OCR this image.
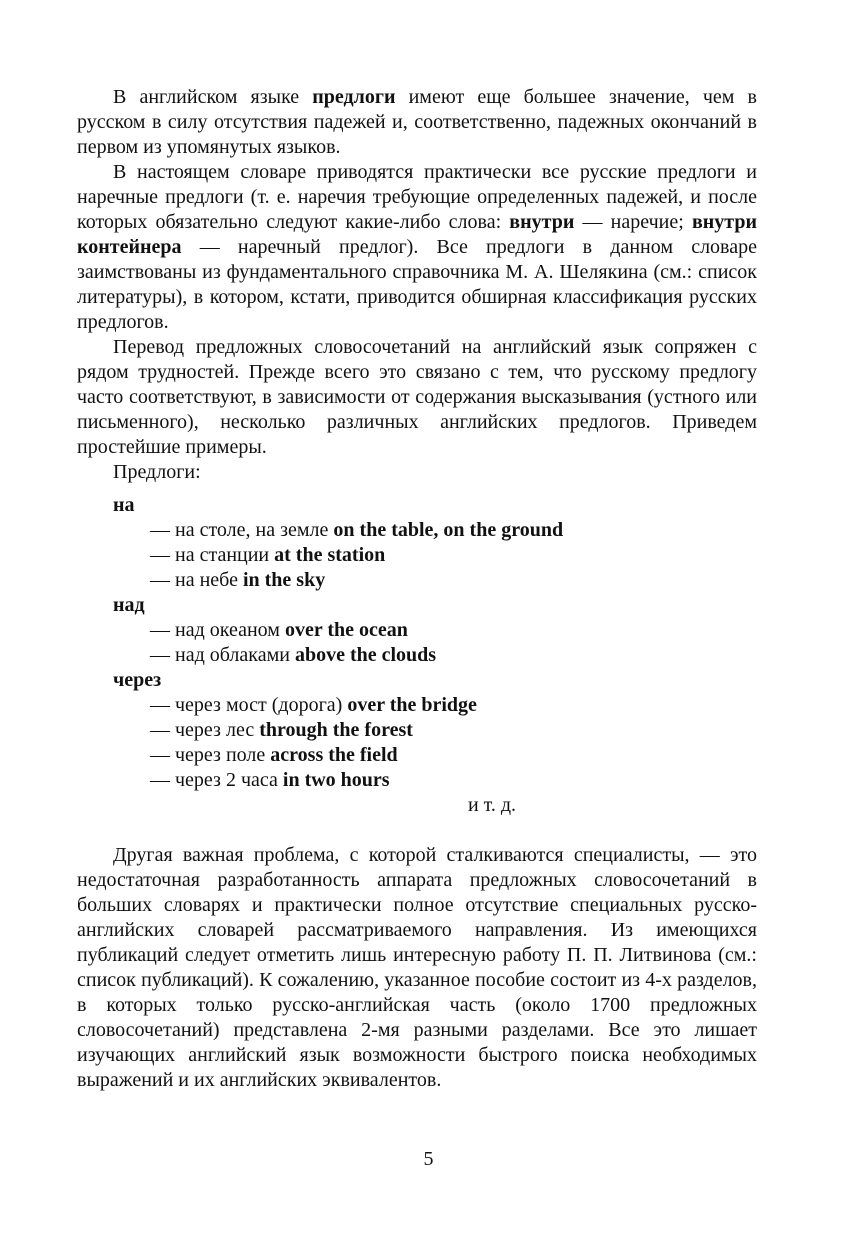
В английском языке предлоги имеют еще большее значение, чем в русском в силу отсутствия падежей и, соответственно, падежных окончаний в первом из упомянутых языков.

В настоящем словаре приводятся практически все русские предлоги и наречные предлоги (т. е. наречия требующие определенных падежей, и после которых обязательно следуют какие-либо слова: внутри — наречие; внутри контейнера — наречный предлог). Все предлоги в данном словаре заимствованы из фундаментального справочника М. А. Шелякина (см.: список литературы), в котором, кстати, приводится обширная классификация русских предлогов.

Перевод предложных словосочетаний на английский язык сопряжен с рядом трудностей. Прежде всего это связано с тем, что русскому предлогу часто соответствуют, в зависимости от содержания высказывания (устного или письменного), несколько различных английских предлогов. Приведем простейшие примеры.

Предлоги:

на

— на столе, на земле on the table, on the ground

— на станции at the station

— на небе in the sky

над

— над океаном over the ocean

— над облаками above the clouds

через

— через мост (дорога) over the bridge

— через лес through the forest

— через поле across the field

— через 2 часа in two hours

и т. д.

Другая важная проблема, с которой сталкиваются специалисты, — это недостаточная разработанность аппарата предложных словосочетаний в больших словарях и практически полное отсутствие специальных русско-английских словарей рассматриваемого направления. Из имеющихся публикаций следует отметить лишь интересную работу П. П. Литвинова (см.: список публикаций). К сожалению, указанное пособие состоит из 4-х разделов, в которых только русско-английская часть (около 1700 предложных словосочетаний) представлена 2-мя разными разделами. Все это лишает изучающих английский язык возможности быстрого поиска необходимых выражений и их английских эквивалентов.

5
